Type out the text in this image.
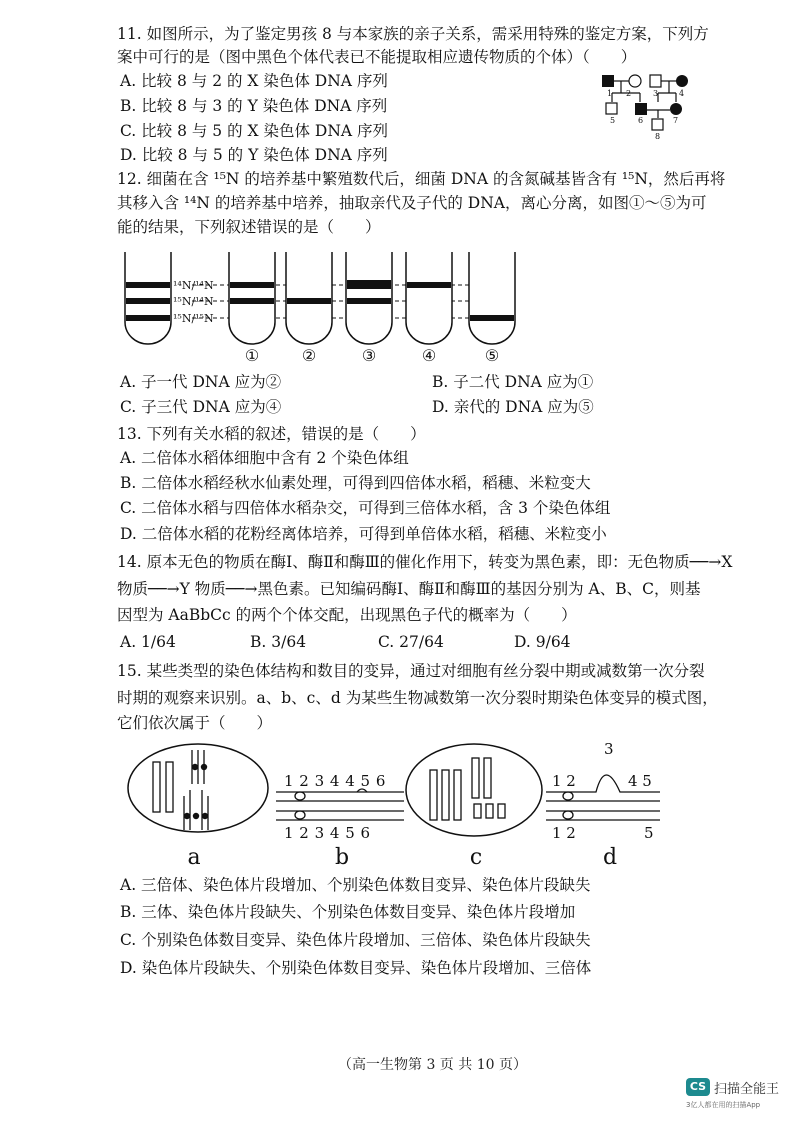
11. 如图所示，为了鉴定男孩 8 与本家族的亲子关系，需采用特殊的鉴定方案，下列方
案中可行的是（图中黑色个体代表已不能提取相应遗传物质的个体）（　　）
A. 比较 8 与 2 的 X 染色体 DNA 序列
B. 比较 8 与 3 的 Y 染色体 DNA 序列
C. 比较 8 与 5 的 X 染色体 DNA 序列
D. 比较 8 与 5 的 Y 染色体 DNA 序列
1 2	3	4
5	6	7
8
12. 细菌在含 ¹⁵N 的培养基中繁殖数代后，细菌 DNA 的含氮碱基皆含有 ¹⁵N，然后再将
其移入含 ¹⁴N 的培养基中培养，抽取亲代及子代的 DNA，离心分离，如图①～⑤为可
能的结果，下列叙述错误的是（　　）
¹⁴N/¹⁴N
¹⁵N/¹⁴N
¹⁵N/¹⁵N
①	②	③	④	⑤
A. 子一代 DNA 应为②	B. 子二代 DNA 应为①
C. 子三代 DNA 应为④	D. 亲代的 DNA 应为⑤
13. 下列有关水稻的叙述，错误的是（　　）
A. 二倍体水稻体细胞中含有 2 个染色体组
B. 二倍体水稻经秋水仙素处理，可得到四倍体水稻，稻穗、米粒变大
C. 二倍体水稻与四倍体水稻杂交，可得到三倍体水稻，含 3 个染色体组
D. 二倍体水稻的花粉经离体培养，可得到单倍体水稻，稻穗、米粒变小
14. 原本无色的物质在酶Ⅰ、酶Ⅱ和酶Ⅲ的催化作用下，转变为黑色素，即：无色物质──→X
物质──→Y 物质──→黑色素。已知编码酶Ⅰ、酶Ⅱ和酶Ⅲ的基因分别为 A、B、C，则基
因型为 AaBbCc 的两个个体交配，出现黑色子代的概率为（　　）
A. 1/64	B. 3/64	C. 27/64	D. 9/64
15. 某些类型的染色体结构和数目的变异，通过对细胞有丝分裂中期或减数第一次分裂
时期的观察来识别。a、b、c、d 为某些生物减数第一次分裂时期染色体变异的模式图，
它们依次属于（　　）
1 2 3 4 4 5 6
1 2 3 4 5 6
1 2
3
4 5
1 2	5
a	b	c	d
A. 三倍体、染色体片段增加、个别染色体数目变异、染色体片段缺失
B. 三体、染色体片段缺失、个别染色体数目变异、染色体片段增加
C. 个别染色体数目变异、染色体片段增加、三倍体、染色体片段缺失
D. 染色体片段缺失、个别染色体数目变异、染色体片段增加、三倍体
（高一生物第 3 页 共 10 页）
CS 扫描全能王
3亿人都在用的扫描App
